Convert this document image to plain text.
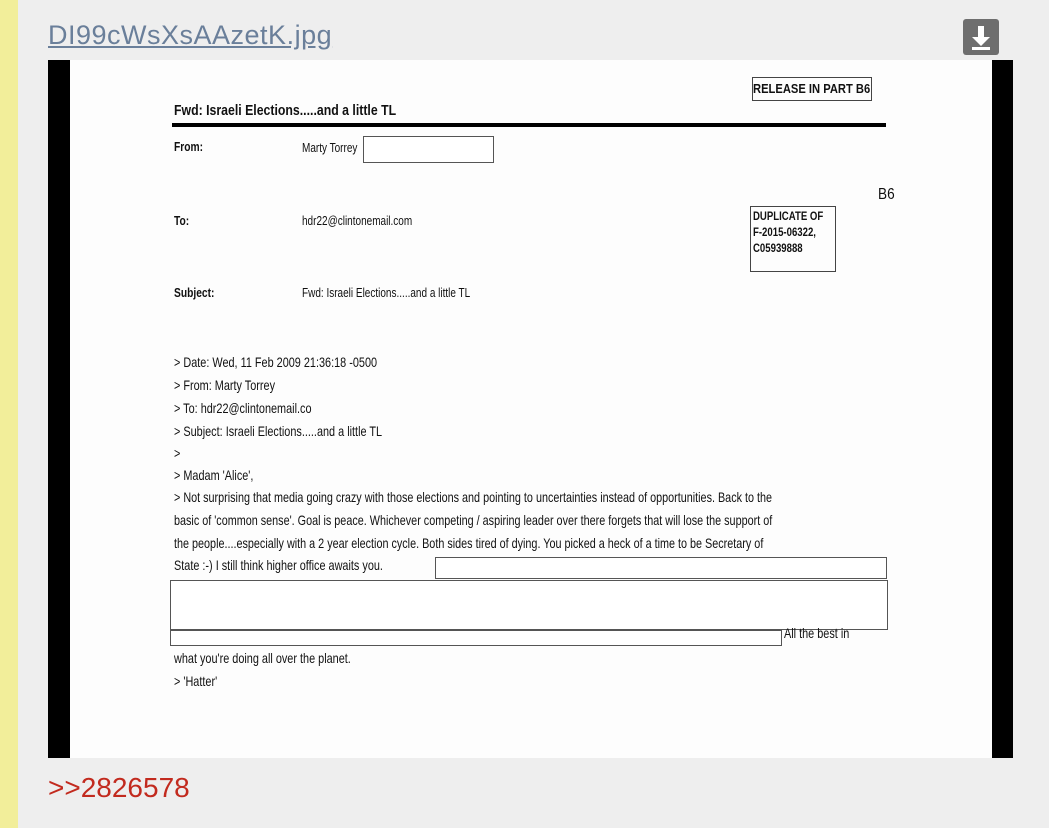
DI99cWsXsAAzetK.jpg
RELEASE IN PART B6
Fwd: Israeli Elections.....and a little TL
From:	Marty Torrey
B6
To:	hdr22@clintonemail.com	DUPLICATE OF
F-2015-06322,
C05939888
Subject:	Fwd: Israeli Elections.....and a little TL
> Date: Wed, 11 Feb 2009 21:36:18 -0500
> From: Marty Torrey
> To: hdr22@clintonemail.co
> Subject: Israeli Elections.....and a little TL
>
> Madam 'Alice',
> Not surprising that media going crazy with those elections and pointing to uncertainties instead of opportunities. Back to the
basic of 'common sense'. Goal is peace. Whichever competing / aspiring leader over there forgets that will lose the support of
the people....especially with a 2 year election cycle. Both sides tired of dying. You picked a heck of a time to be Secretary of
State :-) I still think higher office awaits you.
All the best in
what you're doing all over the planet.
> 'Hatter'
>>2826578
